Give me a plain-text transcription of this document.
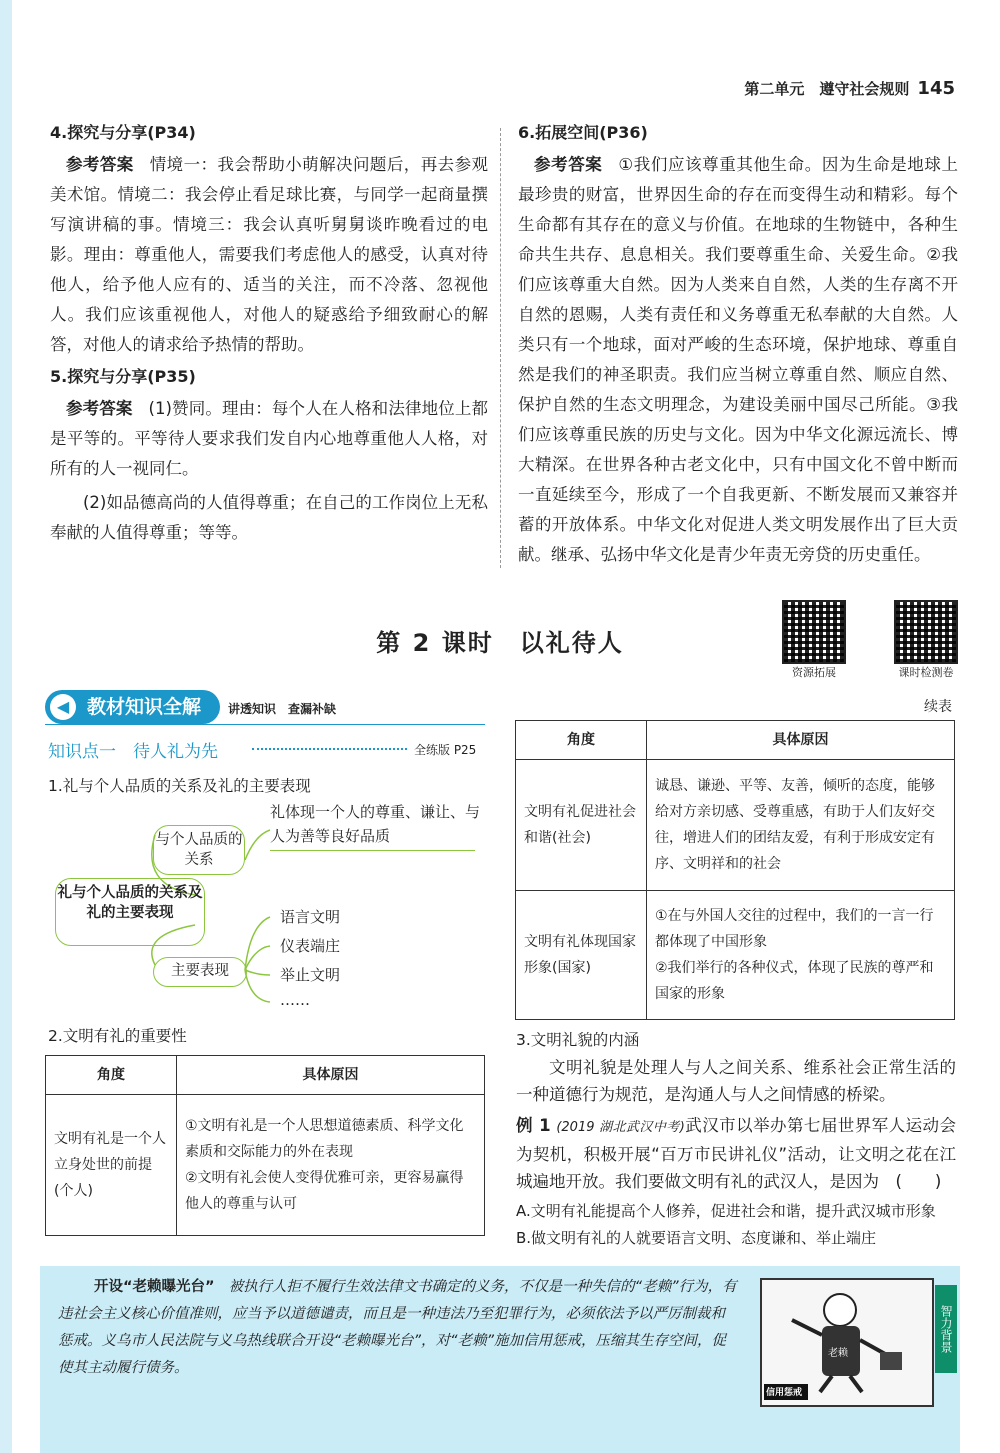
第二单元　遵守社会规则 145
4.探究与分享(P34)

参考答案 情境一：我会帮助小萌解决问题后，再去参观美术馆。情境二：我会停止看足球比赛，与同学一起商量撰写演讲稿的事。情境三：我会认真听舅舅谈昨晚看过的电影。理由：尊重他人，需要我们考虑他人的感受，认真对待他人，给予他人应有的、适当的关注，而不冷落、忽视他人。我们应该重视他人，对他人的疑惑给予细致耐心的解答，对他人的请求给予热情的帮助。

5.探究与分享(P35)

参考答案 (1)赞同。理由：每个人在人格和法律地位上都是平等的。平等待人要求我们发自内心地尊重他人人格，对所有的人一视同仁。

(2)如品德高尚的人值得尊重；在自己的工作岗位上无私奉献的人值得尊重；等等。

6.拓展空间(P36)

参考答案 ①我们应该尊重其他生命。因为生命是地球上最珍贵的财富，世界因生命的存在而变得生动和精彩。每个生命都有其存在的意义与价值。在地球的生物链中，各种生命共生共存、息息相关。我们要尊重生命、关爱生命。②我们应该尊重大自然。因为人类来自自然，人类的生存离不开自然的恩赐，人类有责任和义务尊重无私奉献的大自然。人类只有一个地球，面对严峻的生态环境，保护地球、尊重自然是我们的神圣职责。我们应当树立尊重自然、顺应自然、保护自然的生态文明理念，为建设美丽中国尽己所能。③我们应该尊重民族的历史与文化。因为中华文化源远流长、博大精深。在世界各种古老文化中，只有中国文化不曾中断而一直延续至今，形成了一个自我更新、不断发展而又兼容并蓄的开放体系。中华文化对促进人类文明发展作出了巨大贡献。继承、弘扬中华文化是青少年责无旁贷的历史重任。

第 2 课时　以礼待人
资源拓展	课时检测卷
教材知识全解
◀	讲透知识　查漏补缺
知识点一　待人礼为先	全练版 P25
1.礼与个人品质的关系及礼的主要表现
礼与个人品质的关系及礼的主要表现
与个人品质的关系
礼体现一个人的尊重、谦让、与人为善等良好品质
主要表现
语言文明
仪表端庄
举止文明
……
2.文明有礼的重要性
角度	具体原因
文明有礼是一个人立身处世的前提(个人)	①文明有礼是一个人思想道德素质、科学文化素质和交际能力的外在表现
②文明有礼会使人变得优雅可亲，更容易赢得他人的尊重与认可
续表
角度	具体原因
文明有礼促进社会和谐(社会)	诚恳、谦逊、平等、友善，倾听的态度，能够给对方亲切感、受尊重感，有助于人们友好交往，增进人们的团结友爱，有利于形成安定有序、文明祥和的社会
文明有礼体现国家形象(国家)	①在与外国人交往的过程中，我们的一言一行都体现了中国形象
②我们举行的各种仪式，体现了民族的尊严和国家的形象
3.文明礼貌的内涵

文明礼貌是处理人与人之间关系、维系社会正常生活的一种道德行为规范，是沟通人与人之间情感的桥梁。

例 1 (2019 湖北武汉中考)武汉市以举办第七届世界军人运动会为契机，积极开展“百万市民讲礼仪”活动，让文明之花在江城遍地开放。我们要做文明有礼的武汉人，是因为　(　　)

A.文明有礼能提高个人修养，促进社会和谐，提升武汉城市形象
B.做文明有礼的人就要语言文明、态度谦和、举止端庄
开设“老赖曝光台” 被执行人拒不履行生效法律文书确定的义务，不仅是一种失信的“老赖”行为，有违社会主义核心价值准则，应当予以道德谴责，而且是一种违法乃至犯罪行为，必须依法予以严厉制裁和惩戒。义乌市人民法院与义乌热线联合开设“老赖曝光台”，对“老赖”施加信用惩戒，压缩其生存空间，促使其主动履行债务。
老赖
信用惩戒
智力背景
